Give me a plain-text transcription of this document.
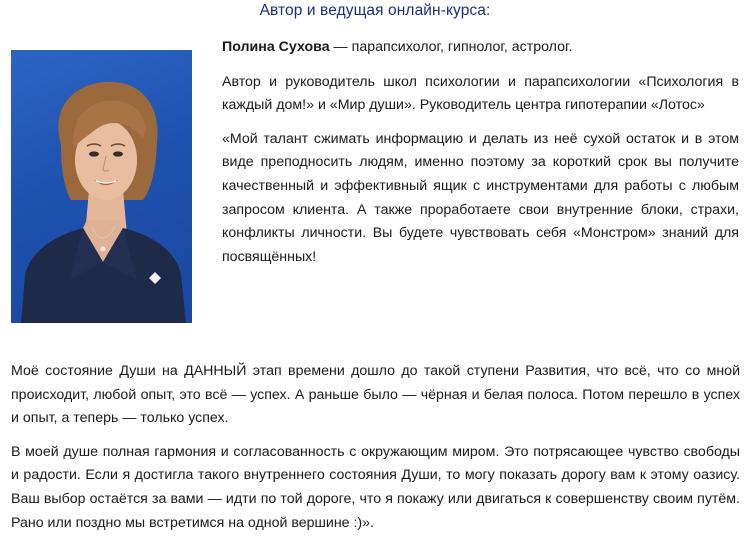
Автор и ведущая онлайн-курса:

Полина Сухова — парапсихолог, гипнолог, астролог.

Автор и руководитель школ психологии и парапсихологии «Психология в каждый дом!» и «Мир души». Руководитель центра гипотерапии «Лотос»

«Мой талант сжимать информацию и делать из неё сухой остаток и в этом виде преподносить людям, именно поэтому за короткий срок вы получите качественный и эффективный ящик с инструментами для работы с любым запросом клиента. А также проработаете свои внутренние блоки, страхи, конфликты личности. Вы будете чувствовать себя «Монстром» знаний для посвящённых!

Моё состояние Души на ДАННЫЙ этап времени дошло до такой ступени Развития, что всё, что со мной происходит, любой опыт, это всё — успех. А раньше было — чёрная и белая полоса. Потом перешло в успех и опыт, а теперь — только успех.

В моей душе полная гармония и согласованность с окружающим миром. Это потрясающее чувство свободы и радости. Если я достигла такого внутреннего состояния Души, то могу показать дорогу вам к этому оазису. Ваш выбор остаётся за вами — идти по той дороге, что я покажу или двигаться к совершенству своим путём. Рано или поздно мы встретимся на одной вершине :)».
